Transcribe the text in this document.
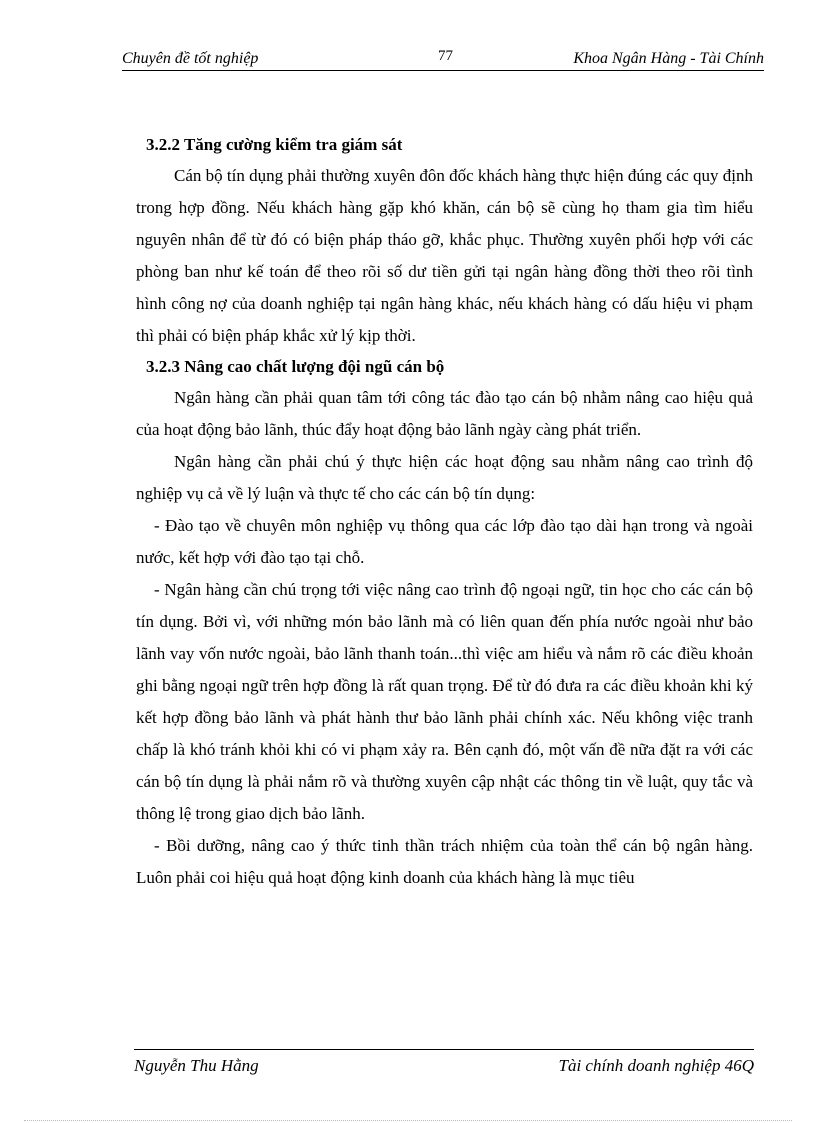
Chuyên đề tốt nghiệp	77	Khoa Ngân Hàng - Tài Chính
3.2.2 Tăng cường kiểm tra giám sát

Cán bộ tín dụng phải thường xuyên đôn đốc khách hàng thực hiện đúng các quy định trong hợp đồng. Nếu khách hàng gặp khó khăn, cán bộ sẽ cùng họ tham gia tìm hiểu nguyên nhân để từ đó có biện pháp tháo gỡ, khắc phục. Thường xuyên phối hợp với các phòng ban như kế toán để theo rõi số dư tiền gửi tại ngân hàng đồng thời theo rõi tình hình công nợ của doanh nghiệp tại ngân hàng khác, nếu khách hàng có dấu hiệu vi phạm thì phải có biện pháp khắc xử lý kịp thời.

3.2.3 Nâng cao chất lượng đội ngũ cán bộ

Ngân hàng cần phải quan tâm tới công tác đào tạo cán bộ nhằm nâng cao hiệu quả của hoạt động bảo lãnh, thúc đẩy hoạt động bảo lãnh ngày càng phát triển.

Ngân hàng cần phải chú ý thực hiện các hoạt động sau nhằm nâng cao trình độ nghiệp vụ cả về lý luận và thực tế cho các cán bộ tín dụng:

- Đào tạo về chuyên môn nghiệp vụ thông qua các lớp đào tạo dài hạn trong và ngoài nước, kết hợp với đào tạo tại chỗ.

- Ngân hàng cần chú trọng tới việc nâng cao trình độ ngoại ngữ, tin học cho các cán bộ tín dụng. Bởi vì, với những món bảo lãnh mà có liên quan đến phía nước ngoài như bảo lãnh vay vốn nước ngoài, bảo lãnh thanh toán...thì việc am hiểu và nắm rõ các điều khoản ghi bằng ngoại ngữ trên hợp đồng là rất quan trọng. Để từ đó đưa ra các điều khoản khi ký kết hợp đồng bảo lãnh và phát hành thư bảo lãnh phải chính xác. Nếu không việc tranh chấp là khó tránh khỏi khi có vi phạm xảy ra. Bên cạnh đó, một vấn đề nữa đặt ra với các cán bộ tín dụng là phải nắm rõ và thường xuyên cập nhật các thông tin về luật, quy tắc và thông lệ trong giao dịch bảo lãnh.

- Bồi dưỡng, nâng cao ý thức tinh thần trách nhiệm của toàn thể cán bộ ngân hàng. Luôn phải coi hiệu quả hoạt động kinh doanh của khách hàng là mục tiêu

Nguyễn Thu Hằng	Tài chính doanh nghiệp 46Q
